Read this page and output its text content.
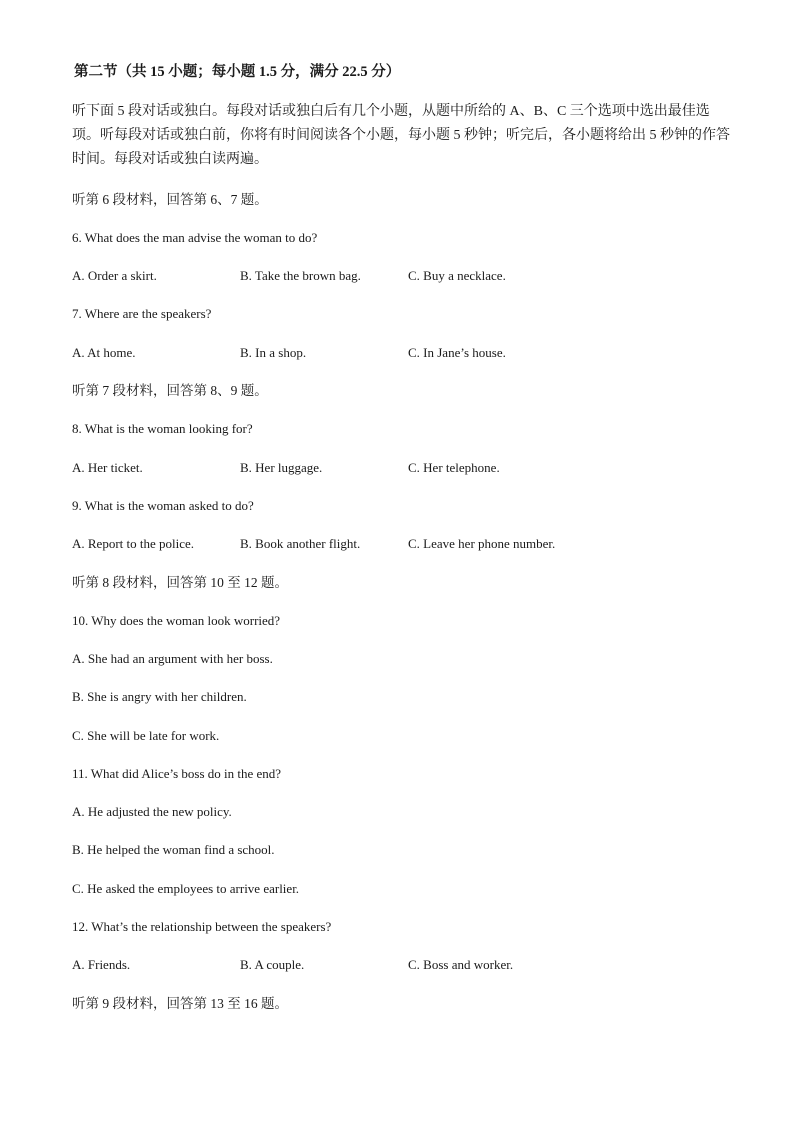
第二节（共 15 小题；每小题 1.5 分，满分 22.5 分）
听下面 5 段对话或独白。每段对话或独白后有几个小题，从题中所给的 A、B、C 三个选项中选出最佳选项。听每段对话或独白前，你将有时间阅读各个小题，每小题 5 秒钟；听完后，各小题将给出 5 秒钟的作答时间。每段对话或独白读两遍。
听第 6 段材料，回答第 6、7 题。
6. What does the man advise the woman to do?
A. Order a skirt.	B. Take the brown bag.	C. Buy a necklace.
7. Where are the speakers?
A. At home.	B. In a shop.	C. In Jane’s house.
听第 7 段材料，回答第 8、9 题。
8. What is the woman looking for?
A. Her ticket.	B. Her luggage.	C. Her telephone.
9. What is the woman asked to do?
A. Report to the police.	B. Book another flight.	C. Leave her phone number.
听第 8 段材料，回答第 10 至 12 题。
10. Why does the woman look worried?
A. She had an argument with her boss.
B. She is angry with her children.
C. She will be late for work.
11. What did Alice’s boss do in the end?
A. He adjusted the new policy.
B. He helped the woman find a school.
C. He asked the employees to arrive earlier.
12. What’s the relationship between the speakers?
A. Friends.	B. A couple.	C. Boss and worker.
听第 9 段材料，回答第 13 至 16 题。
